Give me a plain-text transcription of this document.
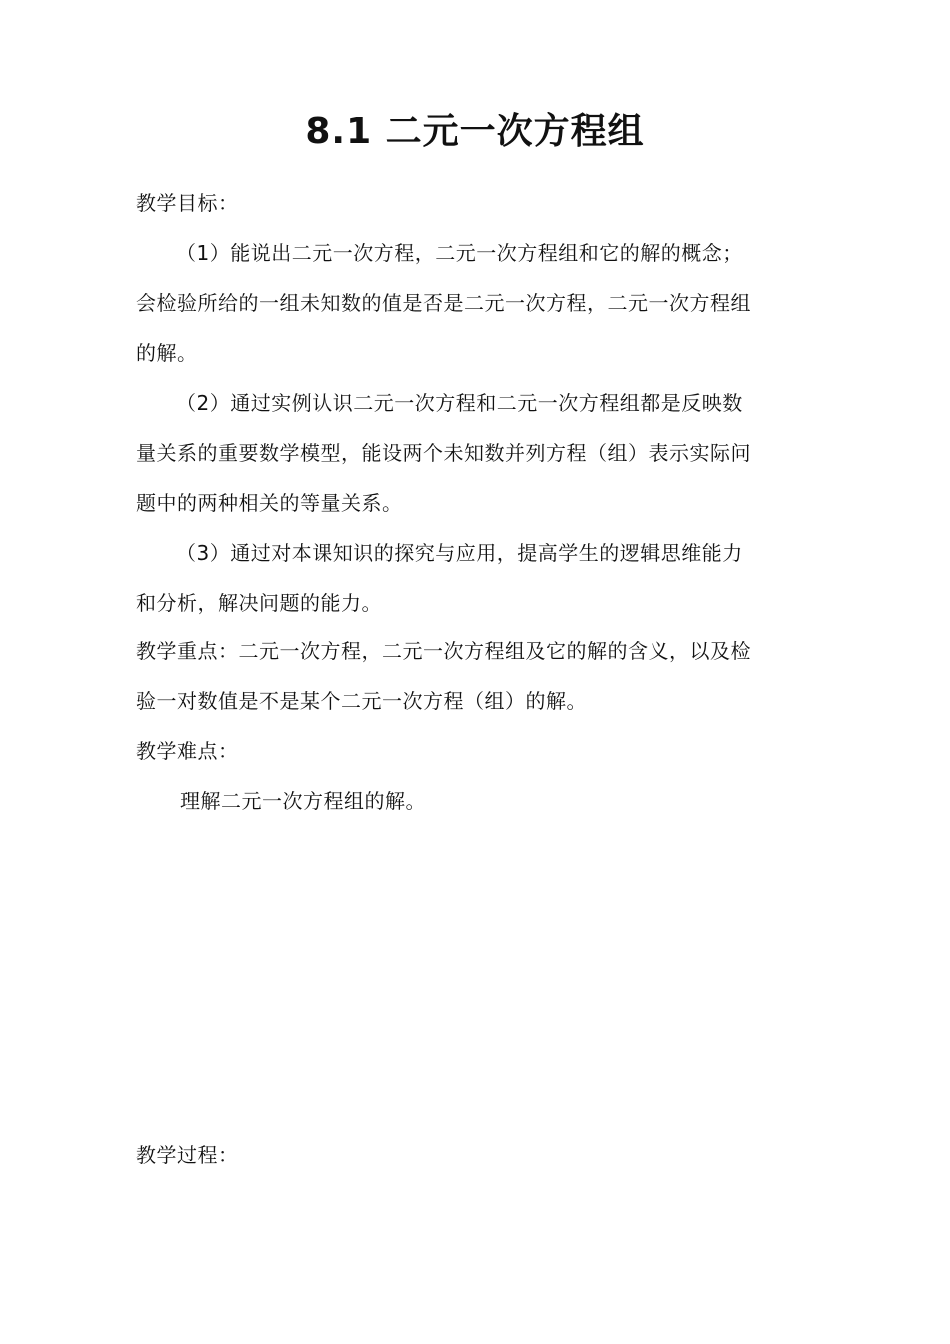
8.1 二元一次方程组
教学目标：
（1）能说出二元一次方程，二元一次方程组和它的解的概念；
会检验所给的一组未知数的值是否是二元一次方程，二元一次方程组
的解。
（2）通过实例认识二元一次方程和二元一次方程组都是反映数
量关系的重要数学模型，能设两个未知数并列方程（组）表示实际问
题中的两种相关的等量关系。
（3）通过对本课知识的探究与应用，提高学生的逻辑思维能力
和分析，解决问题的能力。
教学重点：二元一次方程，二元一次方程组及它的解的含义，以及检
验一对数值是不是某个二元一次方程（组）的解。
教学难点：
理解二元一次方程组的解。
教学过程：
